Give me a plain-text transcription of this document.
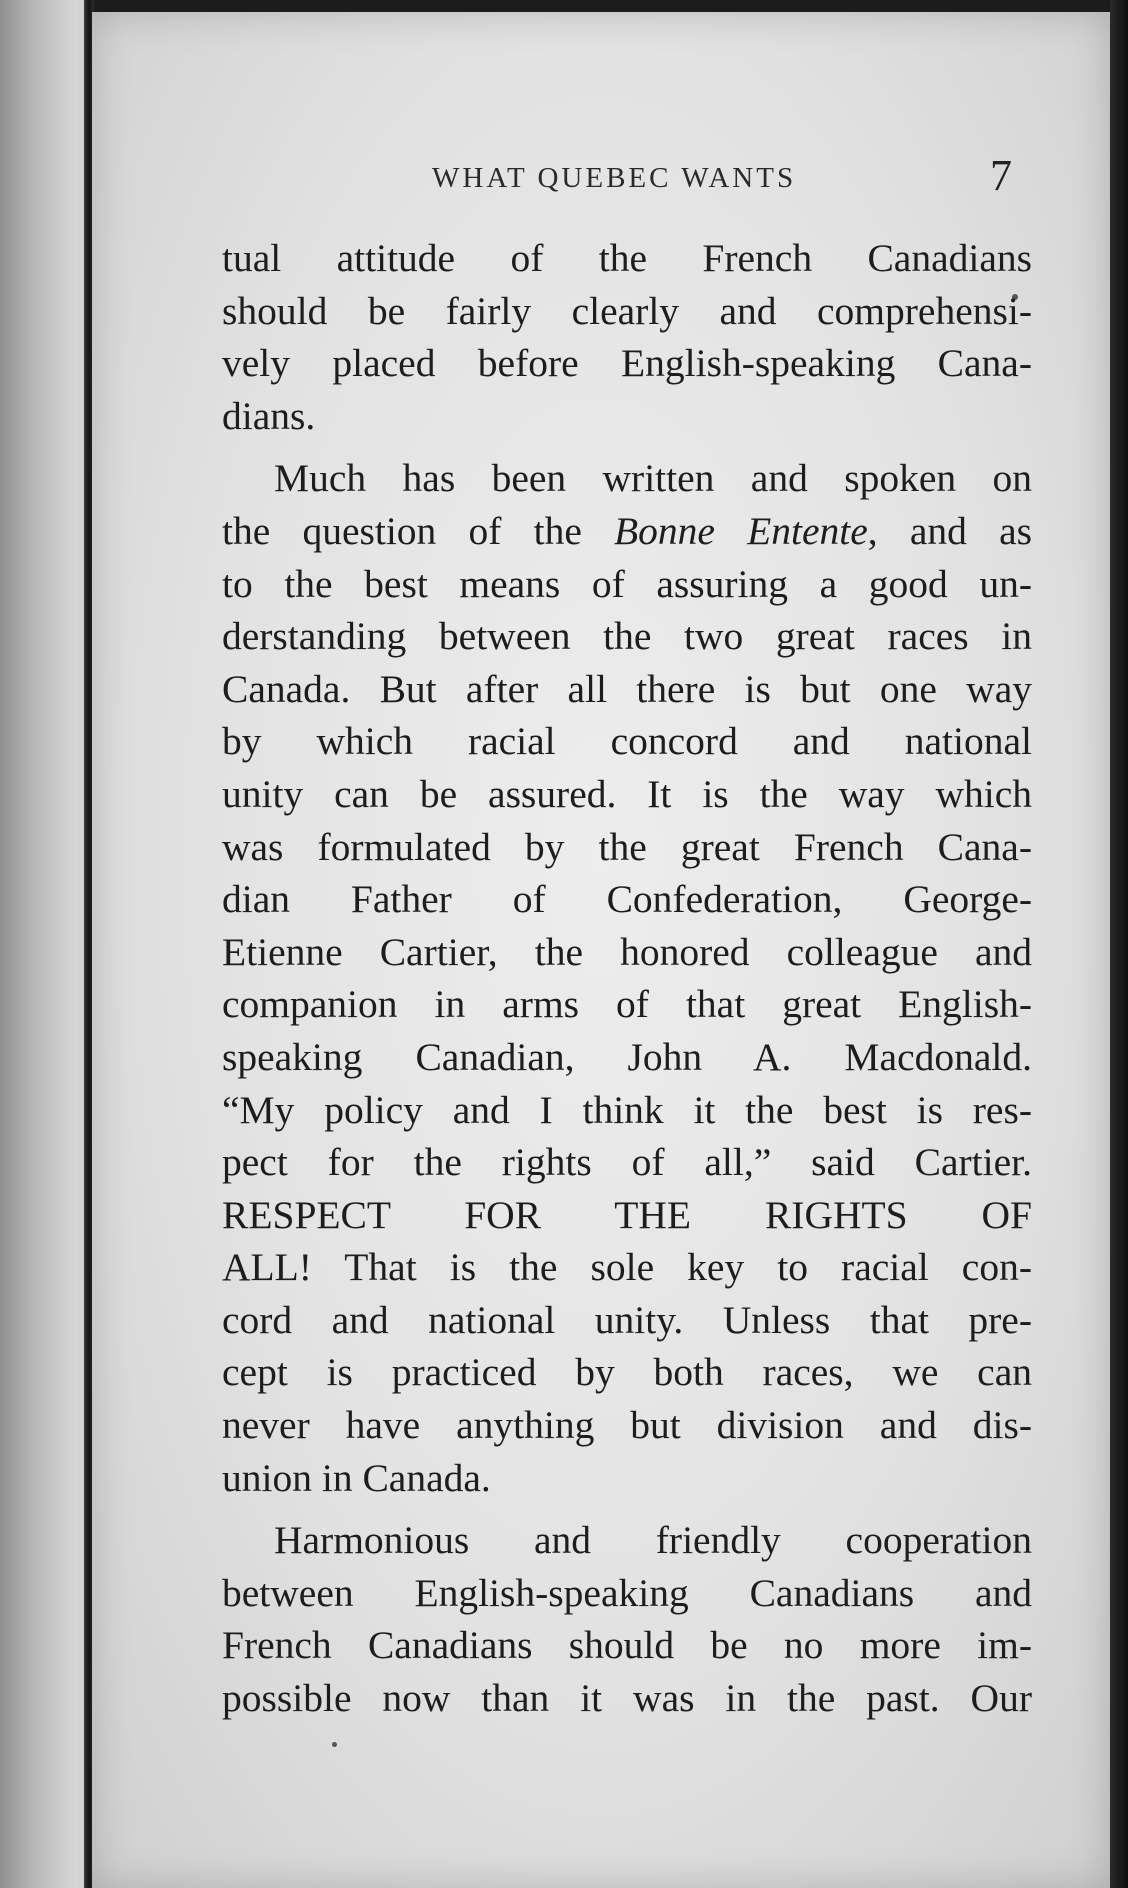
WHAT QUEBEC WANTS	7
tual attitude of the French Canadians
should be fairly clearly and comprehensi-
vely placed before English-speaking Cana-
dians.
Much has been written and spoken on
the question of the Bonne Entente, and as
to the best means of assuring a good un-
derstanding between the two great races in
Canada. But after all there is but one way
by which racial concord and national
unity can be assured. It is the way which
was formulated by the great French Cana-
dian Father of Confederation, George-
Etienne Cartier, the honored colleague and
companion in arms of that great English-
speaking Canadian, John A. Macdonald.
“My policy and I think it the best is res-
pect for the rights of all,” said Cartier.
RESPECT FOR THE RIGHTS OF
ALL! That is the sole key to racial con-
cord and national unity. Unless that pre-
cept is practiced by both races, we can
never have anything but division and dis-
union in Canada.
Harmonious and friendly cooperation
between English-speaking Canadians and
French Canadians should be no more im-
possible now than it was in the past. Our
